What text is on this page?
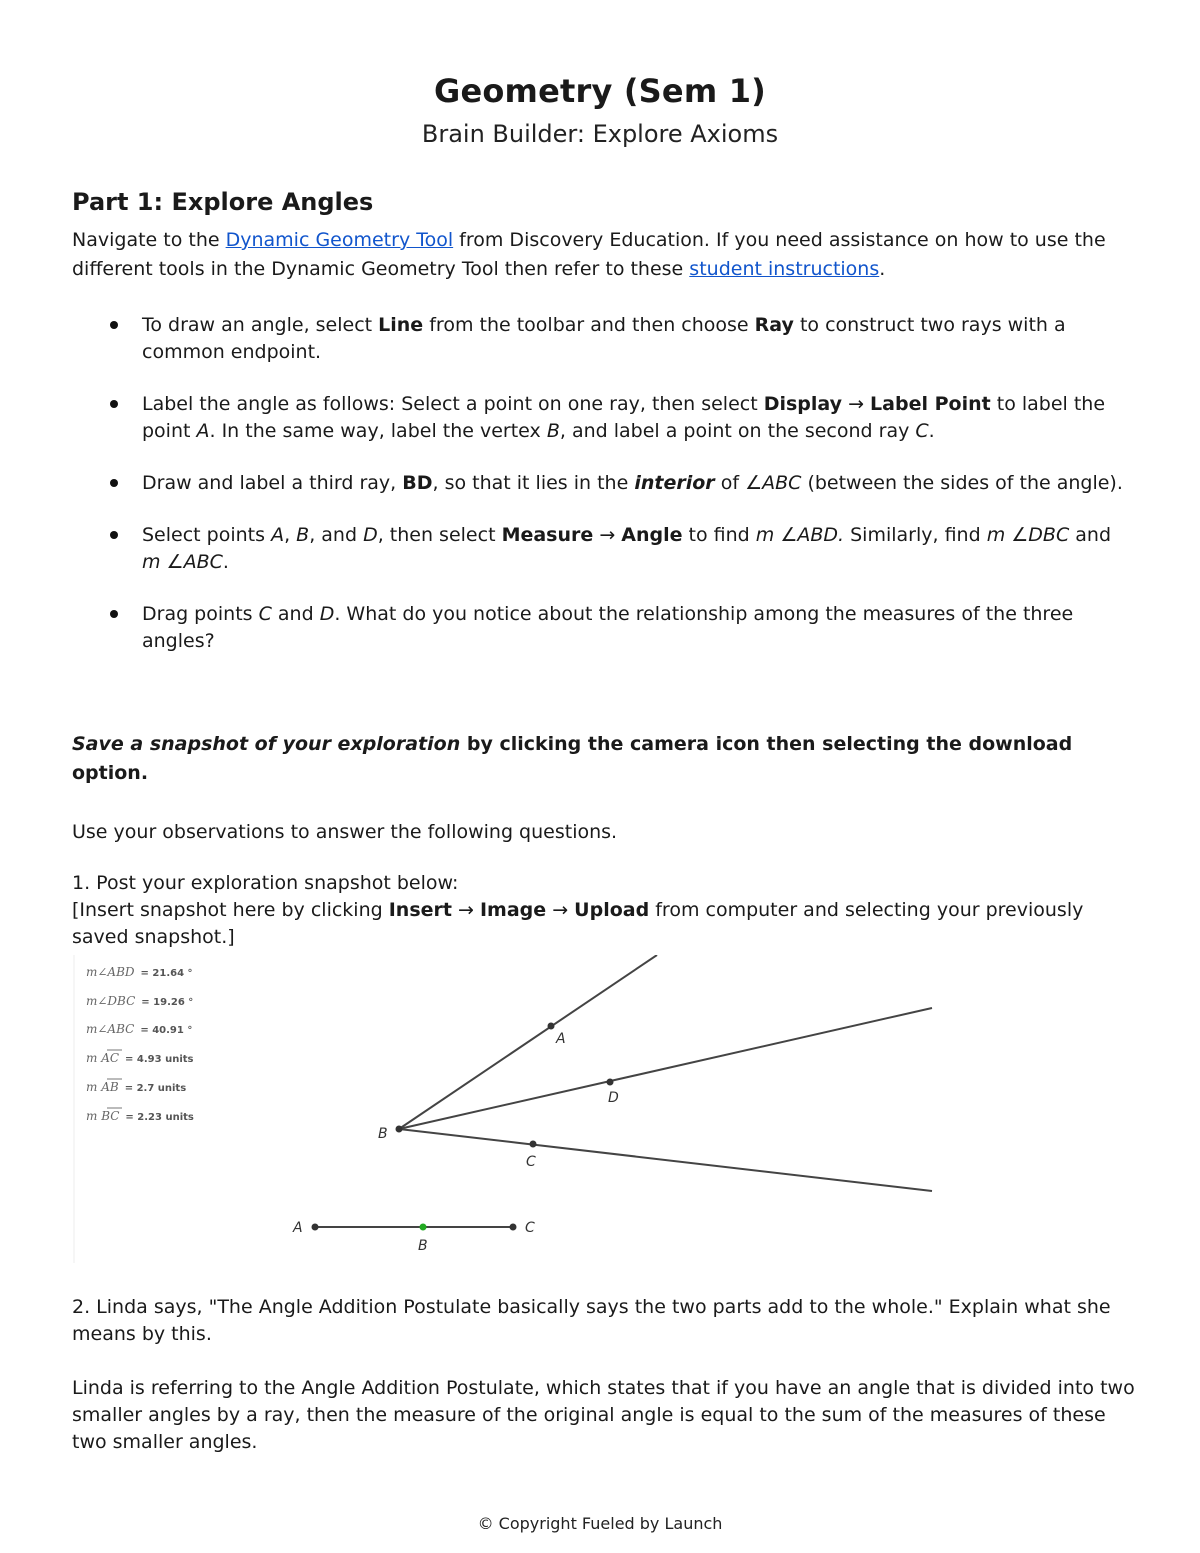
Geometry (Sem 1)
Brain Builder: Explore Axioms
Part 1: Explore Angles
Navigate to the Dynamic Geometry Tool from Discovery Education. If you need assistance on how to use the different tools in the Dynamic Geometry Tool then refer to these student instructions.
To draw an angle, select Line from the toolbar and then choose Ray to construct two rays with a common endpoint.
Label the angle as follows: Select a point on one ray, then select Display → Label Point to label the point A. In the same way, label the vertex B, and label a point on the second ray C.
Draw and label a third ray, BD, so that it lies in the interior of ∠ABC (between the sides of the angle).
Select points A, B, and D, then select Measure → Angle to find m ∠ABD. Similarly, find m ∠DBC and m ∠ABC.
Drag points C and D. What do you notice about the relationship among the measures of the three angles?
Save a snapshot of your exploration by clicking the camera icon then selecting the download option.
Use your observations to answer the following questions.
1. Post your exploration snapshot below:
[Insert snapshot here by clicking Insert → Image → Upload from computer and selecting your previously saved snapshot.]
m∠ABD = 21.64 °
m∠DBC = 19.26 °
m∠ABC = 40.91 °
m AC = 4.93 units
m AB = 2.7 units
m BC = 2.23 units
A
D
B
C
A
B
C
2. Linda says, "The Angle Addition Postulate basically says the two parts add to the whole." Explain what she means by this.
Linda is referring to the Angle Addition Postulate, which states that if you have an angle that is divided into two smaller angles by a ray, then the measure of the original angle is equal to the sum of the measures of these two smaller angles.
© Copyright Fueled by Launch
